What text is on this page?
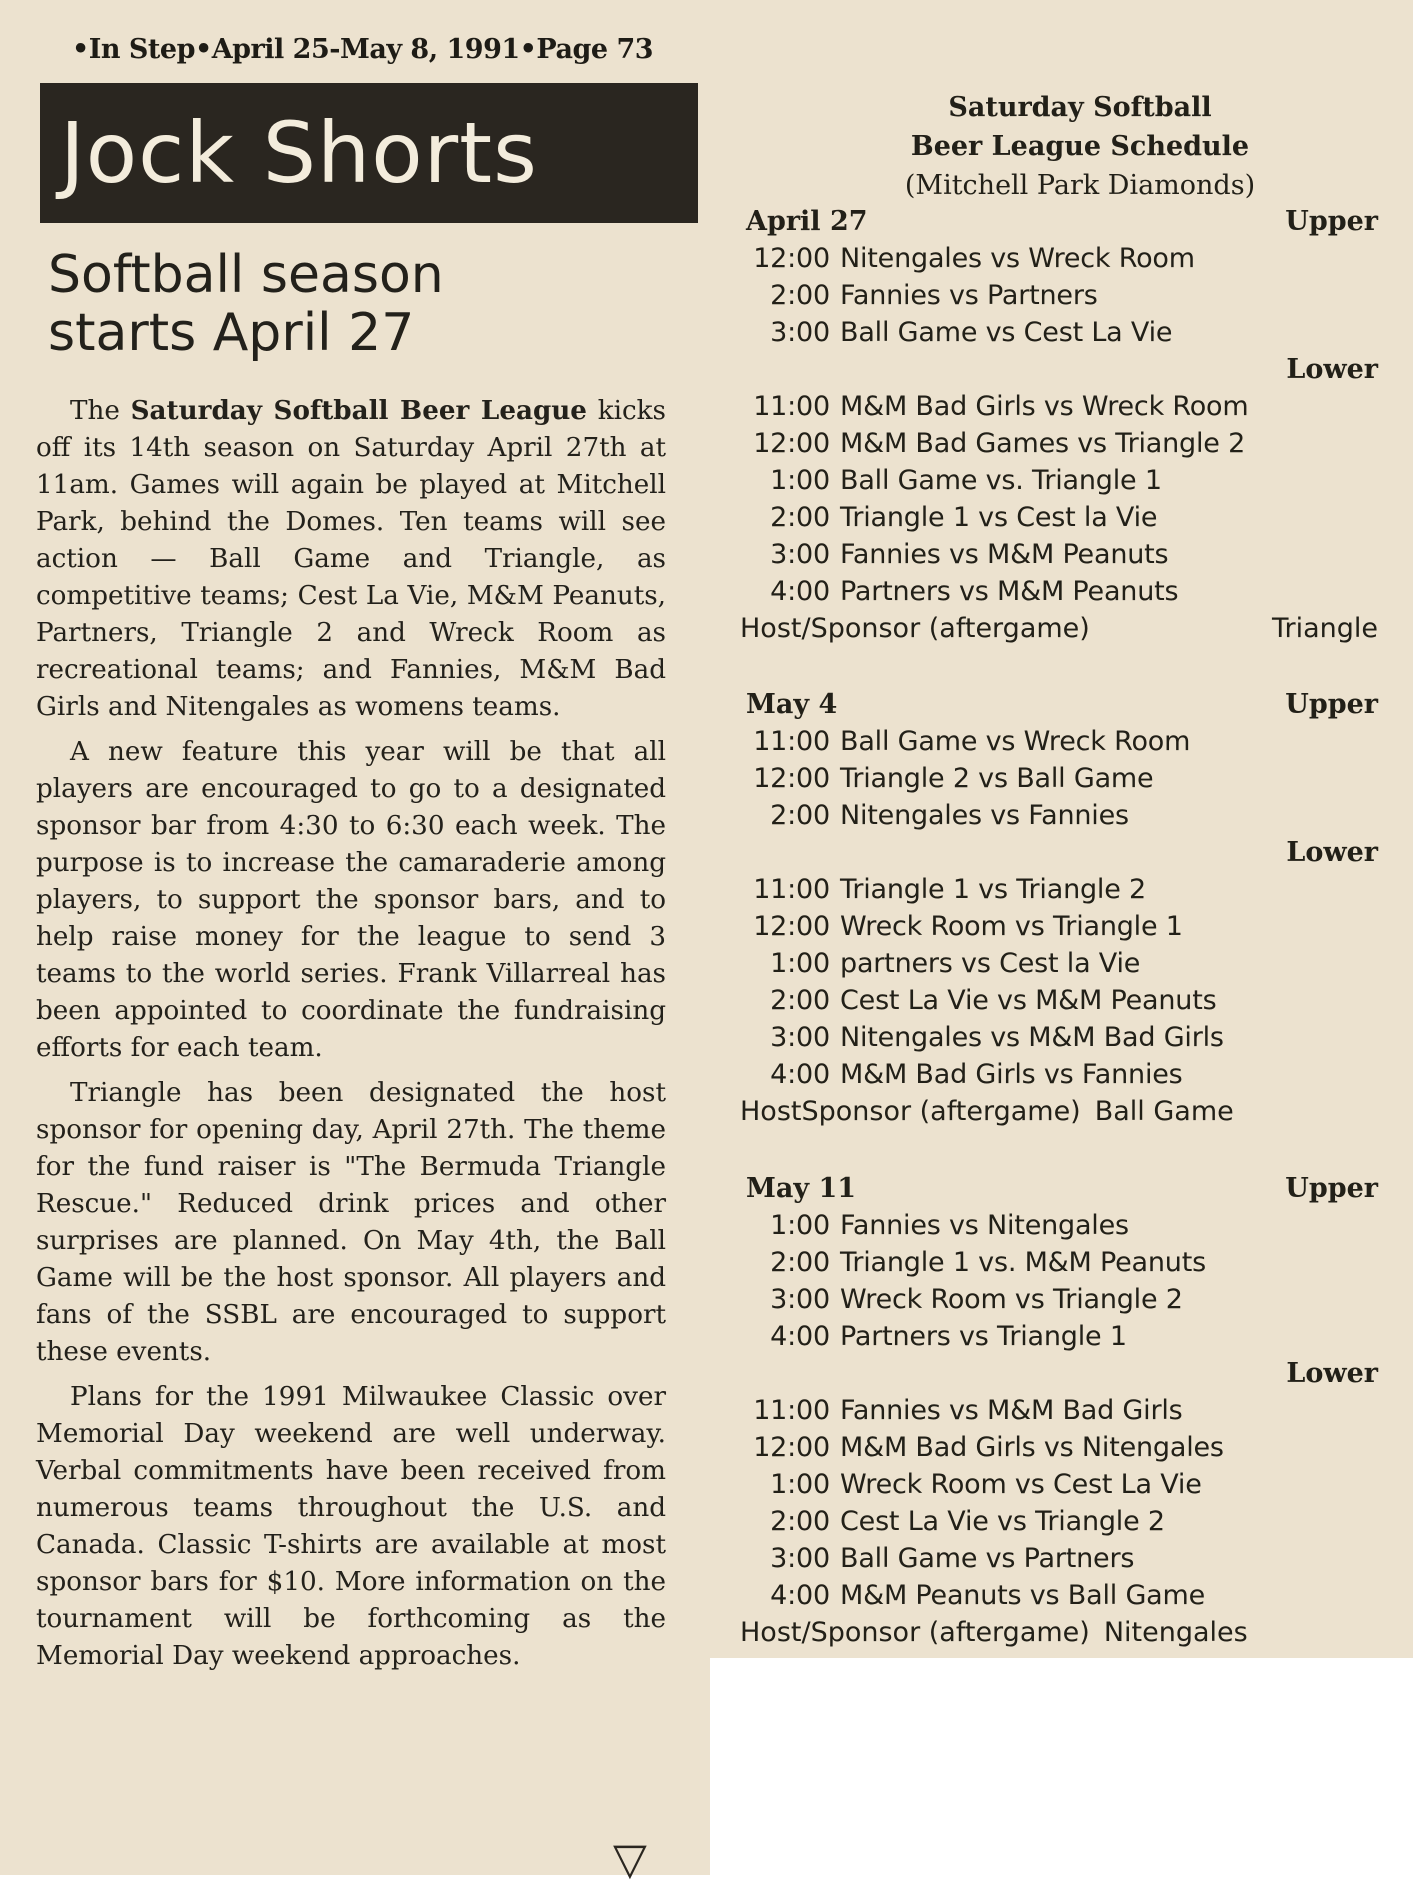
•In Step•April 25-May 8, 1991•Page 73
Jock Shorts
Softball season
starts April 27

The Saturday Softball Beer League kicks off its 14th season on Saturday April 27th at 11am. Games will again be played at Mitchell Park, behind the Domes. Ten teams will see action — Ball Game and Triangle, as competitive teams; Cest La Vie, M&M Peanuts, Partners, Triangle 2 and Wreck Room as recreational teams; and Fannies, M&M Bad Girls and Nitengales as womens teams.

A new feature this year will be that all players are encouraged to go to a designated sponsor bar from 4:30 to 6:30 each week. The purpose is to increase the camaraderie among players, to support the sponsor bars, and to help raise money for the league to send 3 teams to the world series. Frank Villarreal has been appointed to coordinate the fundraising efforts for each team.

Triangle has been designated the host sponsor for opening day, April 27th. The theme for the fund raiser is "The Bermuda Triangle Rescue." Reduced drink prices and other surprises are planned. On May 4th, the Ball Game will be the host sponsor. All players and fans of the SSBL are encouraged to support these events.

Plans for the 1991 Milwaukee Classic over Memorial Day weekend are well underway. Verbal commitments have been received from numerous teams throughout the U.S. and Canada. Classic T-shirts are available at most sponsor bars for $10. More information on the tournament will be forthcoming as the Memorial Day weekend approaches.

▽
Saturday Softball
Beer League Schedule
(Mitchell Park Diamonds)
April 27	Upper
12:00 Nitengales vs Wreck Room
2:00 Fannies vs Partners
3:00 Ball Game vs Cest La Vie
Lower
11:00 M&M Bad Girls vs Wreck Room
12:00 M&M Bad Games vs Triangle 2
1:00 Ball Game vs. Triangle 1
2:00 Triangle 1 vs Cest la Vie
3:00 Fannies vs M&M Peanuts
4:00 Partners vs M&M Peanuts
Host/Sponsor (aftergame)	Triangle
May 4	Upper
11:00 Ball Game vs Wreck Room
12:00 Triangle 2 vs Ball Game
2:00 Nitengales vs Fannies
Lower
11:00 Triangle 1 vs Triangle 2
12:00 Wreck Room vs Triangle 1
1:00 partners vs Cest la Vie
2:00 Cest La Vie vs M&M Peanuts
3:00 Nitengales vs M&M Bad Girls
4:00 M&M Bad Girls vs Fannies
HostSponsor (aftergame) Ball Game
May 11	Upper
1:00 Fannies vs Nitengales
2:00 Triangle 1 vs. M&M Peanuts
3:00 Wreck Room vs Triangle 2
4:00 Partners vs Triangle 1
Lower
11:00 Fannies vs M&M Bad Girls
12:00 M&M Bad Girls vs Nitengales
1:00 Wreck Room vs Cest La Vie
2:00 Cest La Vie vs Triangle 2
3:00 Ball Game vs Partners
4:00 M&M Peanuts vs Ball Game
Host/Sponsor (aftergame) Nitengales
